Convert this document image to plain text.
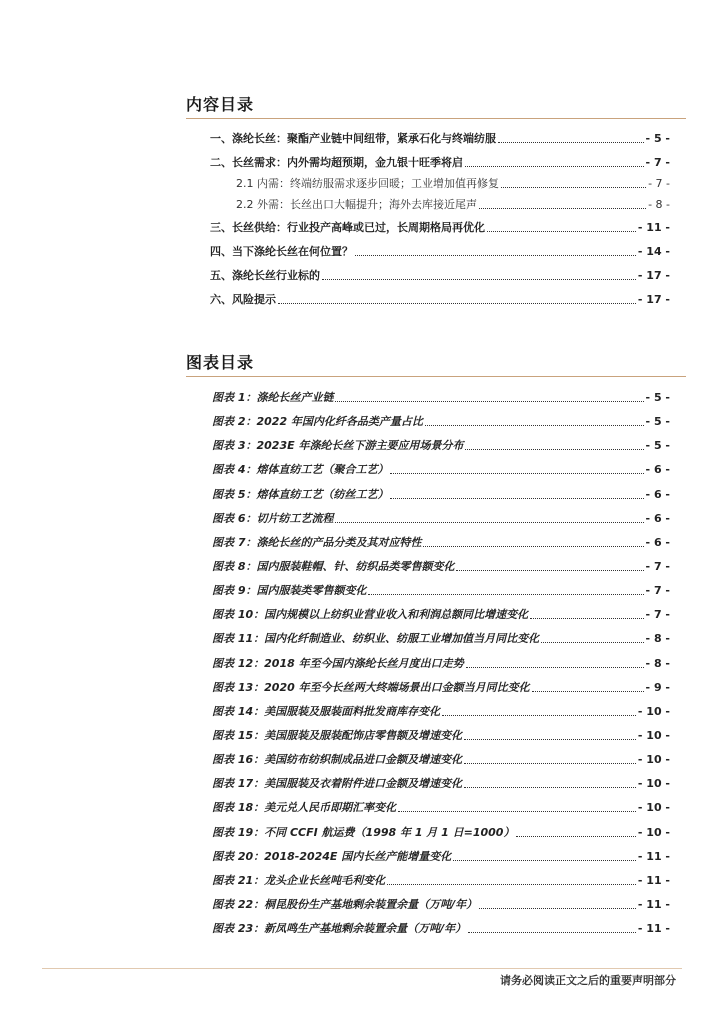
内容目录
一、涤纶长丝：聚酯产业链中间纽带，紧承石化与终端纺服	- 5 -
二、长丝需求：内外需均超预期，金九银十旺季将启	- 7 -
2.1 内需：终端纺服需求逐步回暖；工业增加值再修复	- 7 -
2.2 外需：长丝出口大幅提升；海外去库接近尾声	- 8 -
三、长丝供给：行业投产高峰或已过，长周期格局再优化	- 11 -
四、当下涤纶长丝在何位置？	- 14 -
五、涤纶长丝行业标的	- 17 -
六、风险提示	- 17 -
图表目录
图表 1：涤纶长丝产业链	- 5 -
图表 2：2022 年国内化纤各品类产量占比	- 5 -
图表 3：2023E 年涤纶长丝下游主要应用场景分布	- 5 -
图表 4：熔体直纺工艺（聚合工艺）	- 6 -
图表 5：熔体直纺工艺（纺丝工艺）	- 6 -
图表 6：切片纺工艺流程	- 6 -
图表 7：涤纶长丝的产品分类及其对应特性	- 6 -
图表 8：国内服装鞋帽、针、纺织品类零售额变化	- 7 -
图表 9：国内服装类零售额变化	- 7 -
图表 10：国内规模以上纺织业营业收入和利润总额同比增速变化	- 7 -
图表 11：国内化纤制造业、纺织业、纺服工业增加值当月同比变化	- 8 -
图表 12：2018 年至今国内涤纶长丝月度出口走势	- 8 -
图表 13：2020 年至今长丝两大终端场景出口金额当月同比变化	- 9 -
图表 14：美国服装及服装面料批发商库存变化	- 10 -
图表 15：美国服装及服装配饰店零售额及增速变化	- 10 -
图表 16：美国纺布纺织制成品进口金额及增速变化	- 10 -
图表 17：美国服装及衣着附件进口金额及增速变化	- 10 -
图表 18：美元兑人民币即期汇率变化	- 10 -
图表 19：不同 CCFI 航运费（1998 年 1 月 1 日=1000）	- 10 -
图表 20：2018-2024E 国内长丝产能增量变化	- 11 -
图表 21：龙头企业长丝吨毛利变化	- 11 -
图表 22：桐昆股份生产基地剩余装置余量（万吨/年）	- 11 -
图表 23：新凤鸣生产基地剩余装置余量（万吨/年）	- 11 -
请务必阅读正文之后的重要声明部分
